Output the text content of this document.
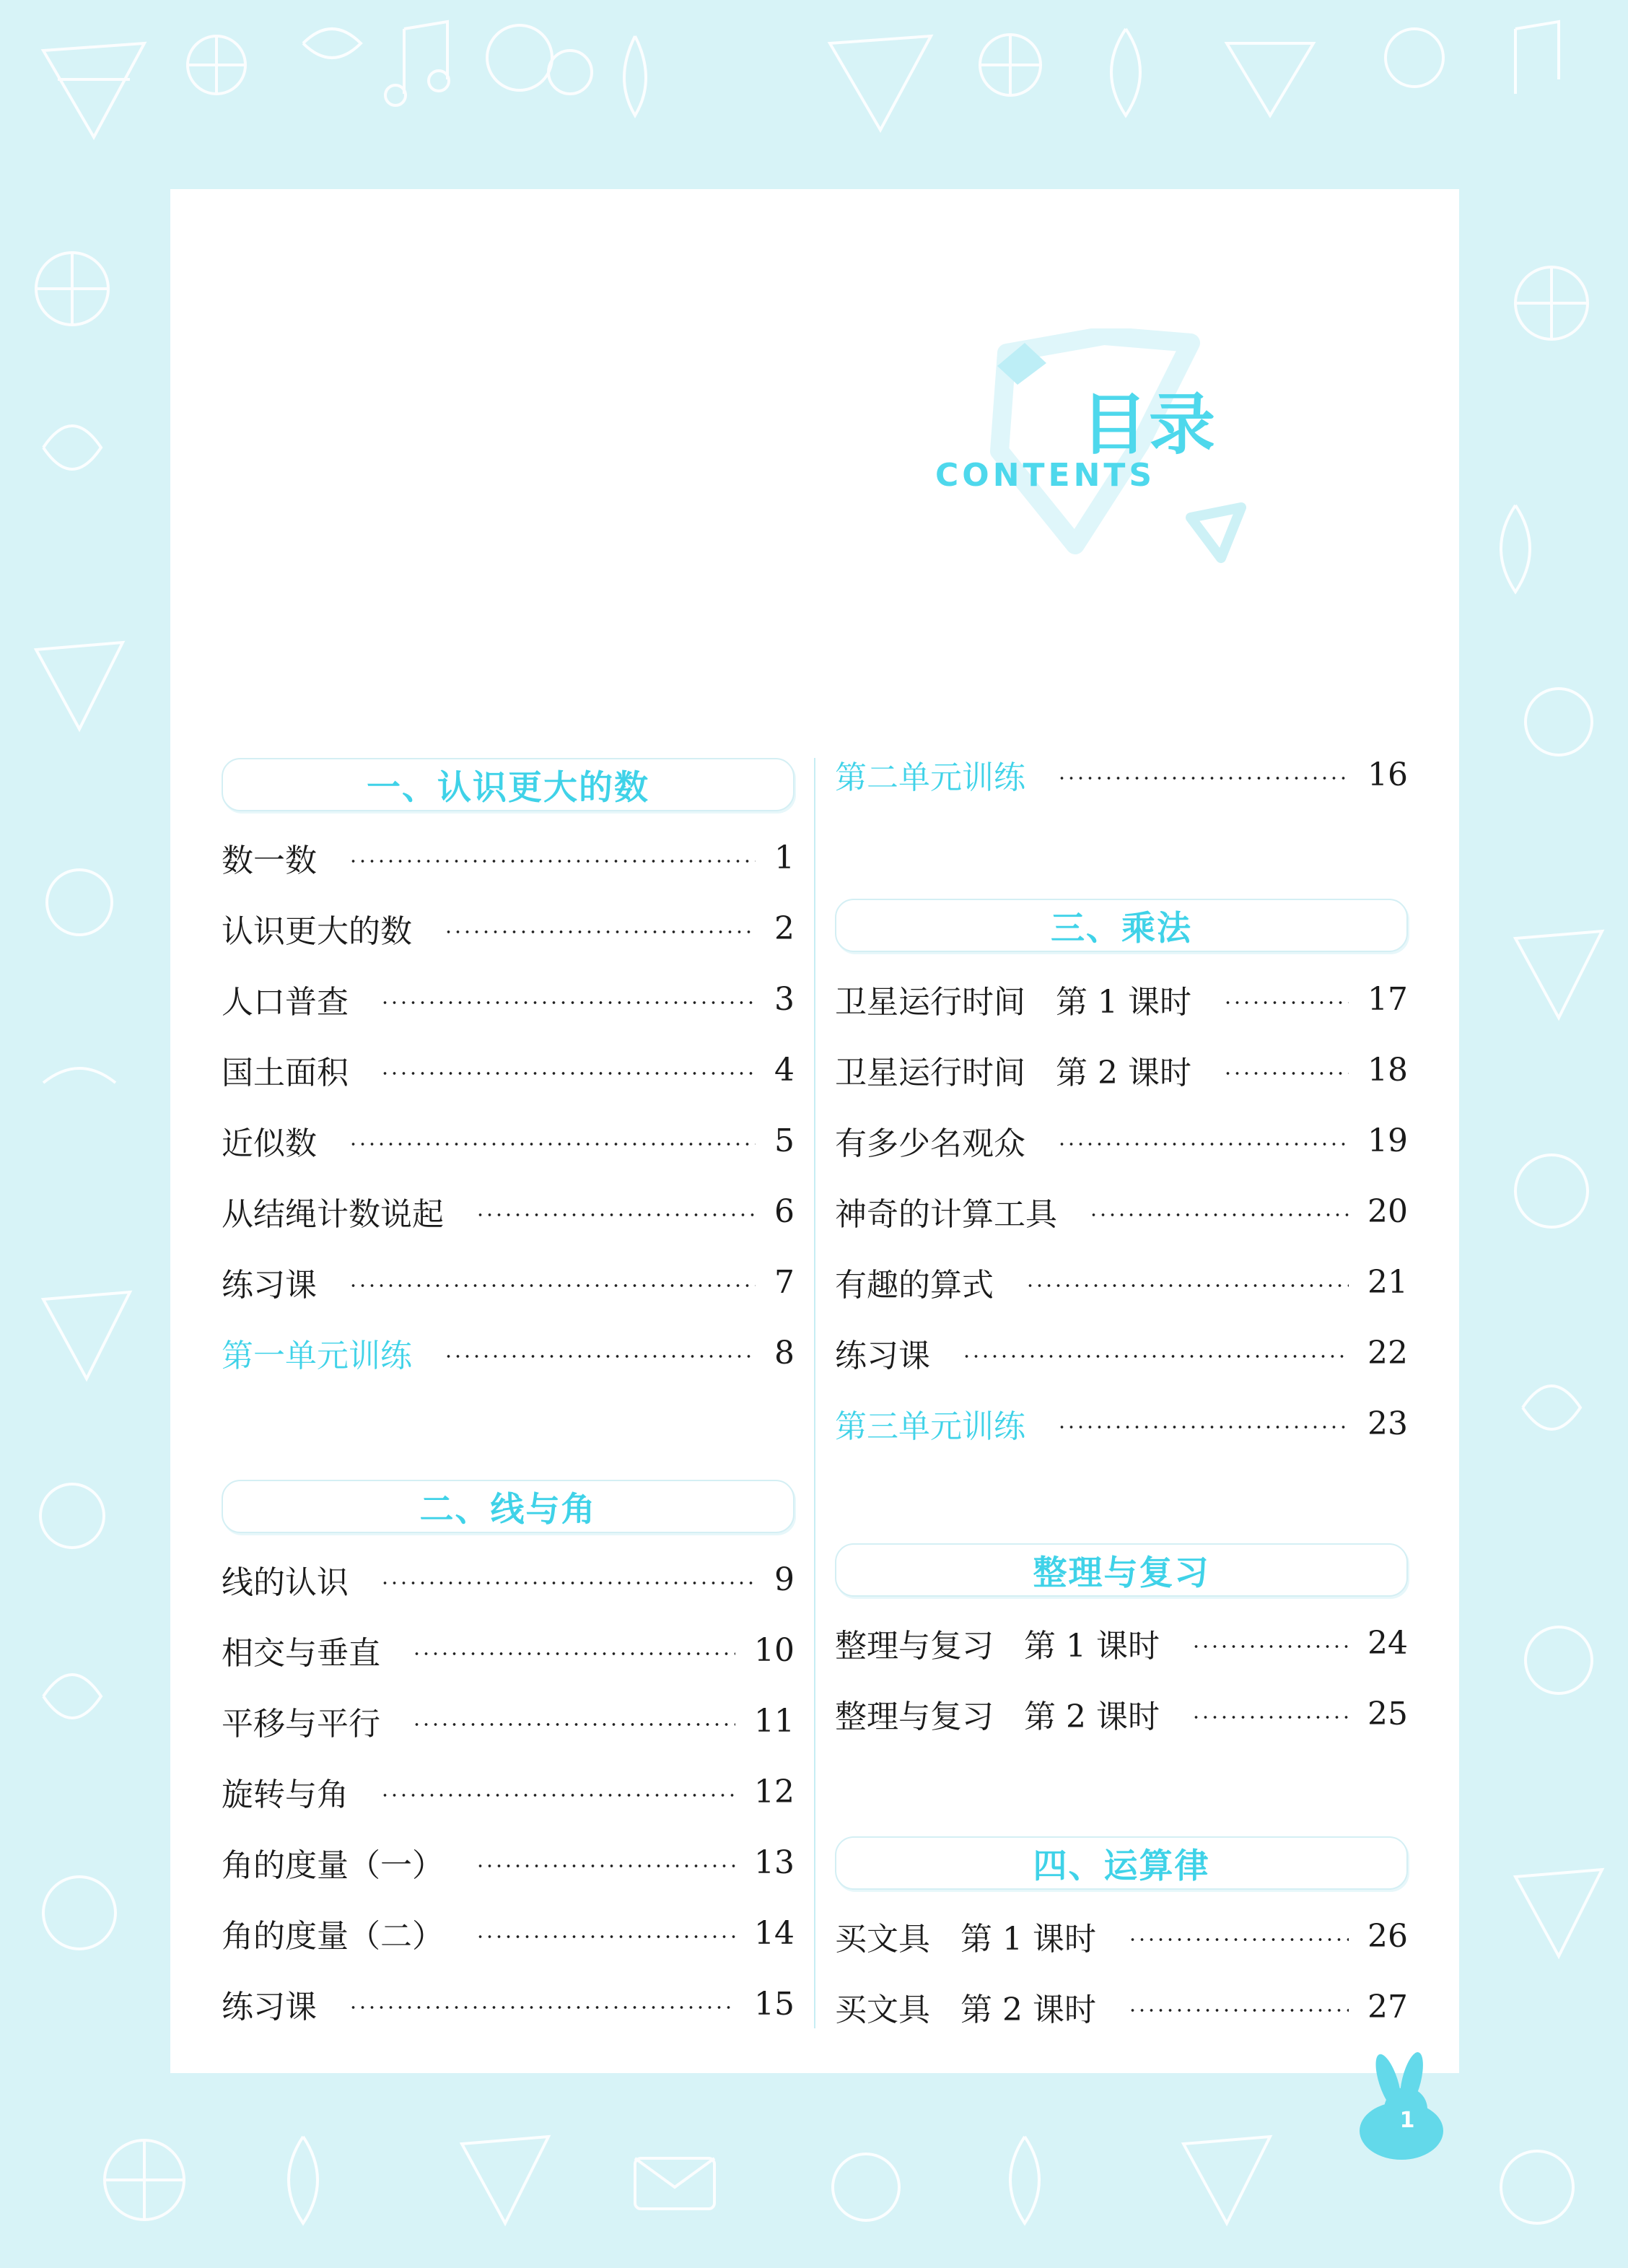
目录
CONTENTS
一、认识更大的数
数一数	1
认识更大的数	2
人口普查	3
国土面积	4
近似数	5
从结绳计数说起	6
练习课	7
第一单元训练	8
二、线与角
线的认识	9
相交与垂直	10
平移与平行	11
旋转与角	12
角的度量（一）	13
角的度量（二）	14
练习课	15
第二单元训练	16
三、乘法
卫星运行时间 第 1 课时	17
卫星运行时间 第 2 课时	18
有多少名观众	19
神奇的计算工具	20
有趣的算式	21
练习课	22
第三单元训练	23
整理与复习
整理与复习 第 1 课时	24
整理与复习 第 2 课时	25
四、运算律
买文具 第 1 课时	26
买文具 第 2 课时	27
1
